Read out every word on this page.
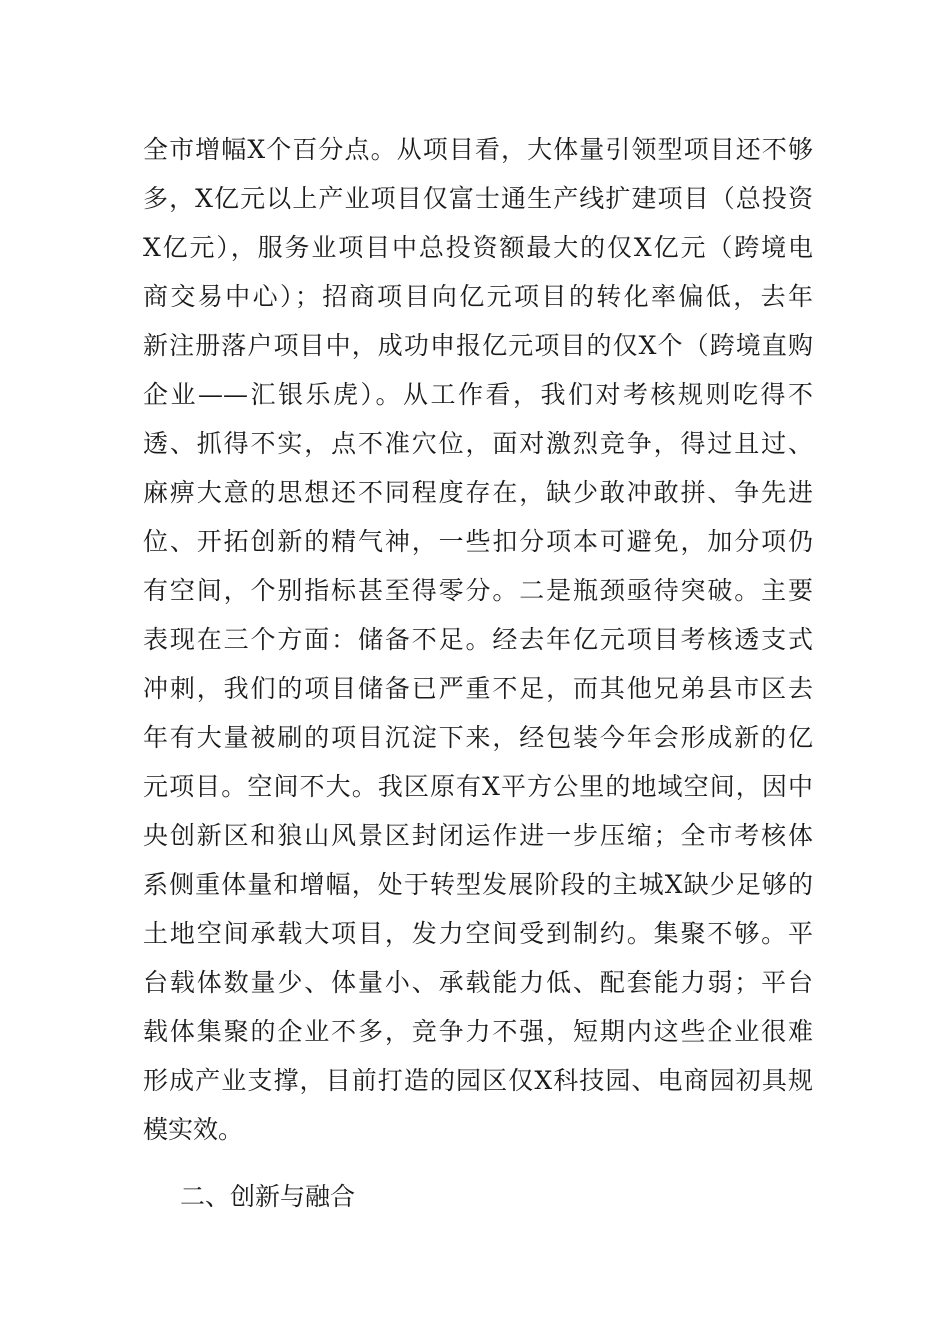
全市增幅X个百分点。从项目看，大体量引领型项目还不够
多，X亿元以上产业项目仅富士通生产线扩建项目（总投资
X亿元），服务业项目中总投资额最大的仅X亿元（跨境电
商交易中心）；招商项目向亿元项目的转化率偏低，去年
新注册落户项目中，成功申报亿元项目的仅X个（跨境直购
企业——汇银乐虎）。从工作看，我们对考核规则吃得不
透、抓得不实，点不准穴位，面对激烈竞争，得过且过、
麻痹大意的思想还不同程度存在，缺少敢冲敢拼、争先进
位、开拓创新的精气神，一些扣分项本可避免，加分项仍
有空间，个别指标甚至得零分。二是瓶颈亟待突破。主要
表现在三个方面：储备不足。经去年亿元项目考核透支式
冲刺，我们的项目储备已严重不足，而其他兄弟县市区去
年有大量被刷的项目沉淀下来，经包装今年会形成新的亿
元项目。空间不大。我区原有X平方公里的地域空间，因中
央创新区和狼山风景区封闭运作进一步压缩；全市考核体
系侧重体量和增幅，处于转型发展阶段的主城X缺少足够的
土地空间承载大项目，发力空间受到制约。集聚不够。平
台载体数量少、体量小、承载能力低、配套能力弱；平台
载体集聚的企业不多，竞争力不强，短期内这些企业很难
形成产业支撑，目前打造的园区仅X科技园、电商园初具规
模实效。
二、创新与融合
